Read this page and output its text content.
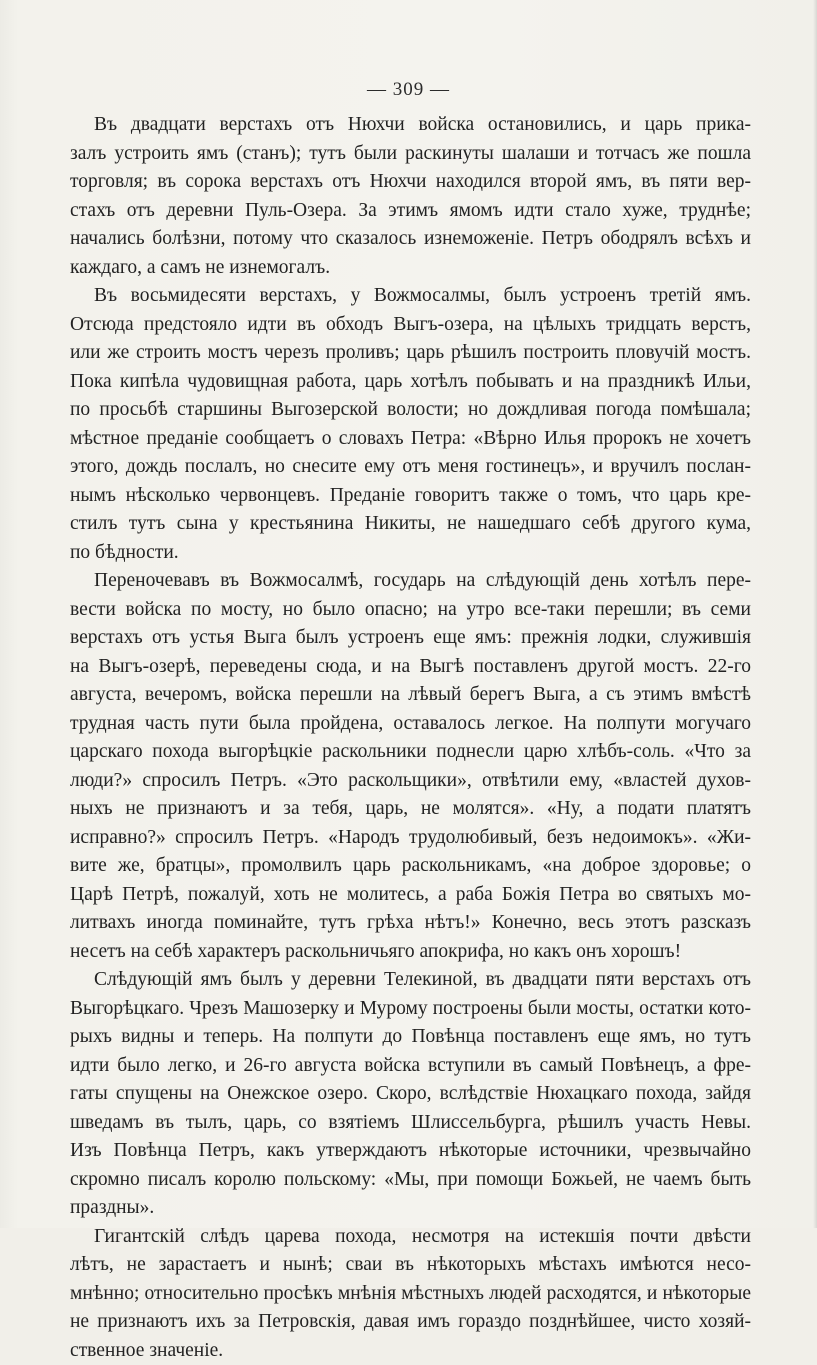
— 309 —

Въ двадцати верстахъ отъ Нюхчи войска остановились, и царь прика-
залъ устроить ямъ (станъ); тутъ были раскинуты шалаши и тотчасъ же пошла
торговля; въ сорока верстахъ отъ Нюхчи находился второй ямъ, въ пяти вер-
стахъ отъ деревни Пуль-Озера. За этимъ ямомъ идти стало хуже, труднѣе;
начались болѣзни, потому что сказалось изнеможеніе. Петръ ободрялъ всѣхъ и
каждаго, а самъ не изнемогалъ.

Въ восьмидесяти верстахъ, у Вожмосалмы, былъ устроенъ третій ямъ.
Отсюда предстояло идти въ обходъ Выгъ-озера, на цѣлыхъ тридцать верстъ,
или же строить мостъ черезъ проливъ; царь рѣшилъ построить пловучій мостъ.
Пока кипѣла чудовищная работа, царь хотѣлъ побывать и на праздникѣ Ильи,
по просьбѣ старшины Выгозерской волости; но дождливая погода помѣшала;
мѣстное преданіе сообщаетъ о словахъ Петра: «Вѣрно Илья пророкъ не хочетъ
этого, дождь послалъ, но снесите ему отъ меня гостинецъ», и вручилъ послан-
нымъ нѣсколько червонцевъ. Преданіе говоритъ также о томъ, что царь кре-
стилъ тутъ сына у крестьянина Никиты, не нашедшаго себѣ другого кума,
по бѣдности.

Переночевавъ въ Вожмосалмѣ, государь на слѣдующій день хотѣлъ пере-
вести войска по мосту, но было опасно; на утро все-таки перешли; въ семи
верстахъ отъ устья Выга былъ устроенъ еще ямъ: прежнія лодки, служившія
на Выгъ-озерѣ, переведены сюда, и на Выгѣ поставленъ другой мостъ. 22-го
августа, вечеромъ, войска перешли на лѣвый берегъ Выга, а съ этимъ вмѣстѣ
трудная часть пути была пройдена, оставалось легкое. На полпути могучаго
царскаго похода выгорѣцкіе раскольники поднесли царю хлѣбъ-соль. «Что за
люди?» спросилъ Петръ. «Это раскольщики», отвѣтили ему, «властей духов-
ныхъ не признаютъ и за тебя, царь, не молятся». «Ну, а подати платятъ
исправно?» спросилъ Петръ. «Народъ трудолюбивый, безъ недоимокъ». «Жи-
вите же, братцы», промолвилъ царь раскольникамъ, «на доброе здоровье; о
Царѣ Петрѣ, пожалуй, хоть не молитесь, а раба Божія Петра во святыхъ мо-
литвахъ иногда поминайте, тутъ грѣха нѣтъ!» Конечно, весь этотъ разсказъ
несетъ на себѣ характеръ раскольничьяго апокрифа, но какъ онъ хорошъ!

Слѣдующій ямъ былъ у деревни Телекиной, въ двадцати пяти верстахъ отъ
Выгорѣцкаго. Чрезъ Машозерку и Мурому построены были мосты, остатки кото-
рыхъ видны и теперь. На полпути до Повѣнца поставленъ еще ямъ, но тутъ
идти было легко, и 26-го августа войска вступили въ самый Повѣнецъ, а фре-
гаты спущены на Онежское озеро. Скоро, вслѣдствіе Нюхацкаго похода, зайдя
шведамъ въ тылъ, царь, со взятіемъ Шлиссельбурга, рѣшилъ участь Невы.
Изъ Повѣнца Петръ, какъ утверждаютъ нѣкоторые источники, чрезвычайно
скромно писалъ королю польскому: «Мы, при помощи Божьей, не чаемъ быть
праздны».

Гигантскій слѣдъ царева похода, несмотря на истекшія почти двѣсти
лѣтъ, не зарастаетъ и нынѣ; сваи въ нѣкоторыхъ мѣстахъ имѣются несо-
мнѣнно; относительно просѣкъ мнѣнія мѣстныхъ людей расходятся, и нѣкоторые
не признаютъ ихъ за Петровскія, давая имъ гораздо позднѣйшее, чисто хозяй-
ственное значеніе.
